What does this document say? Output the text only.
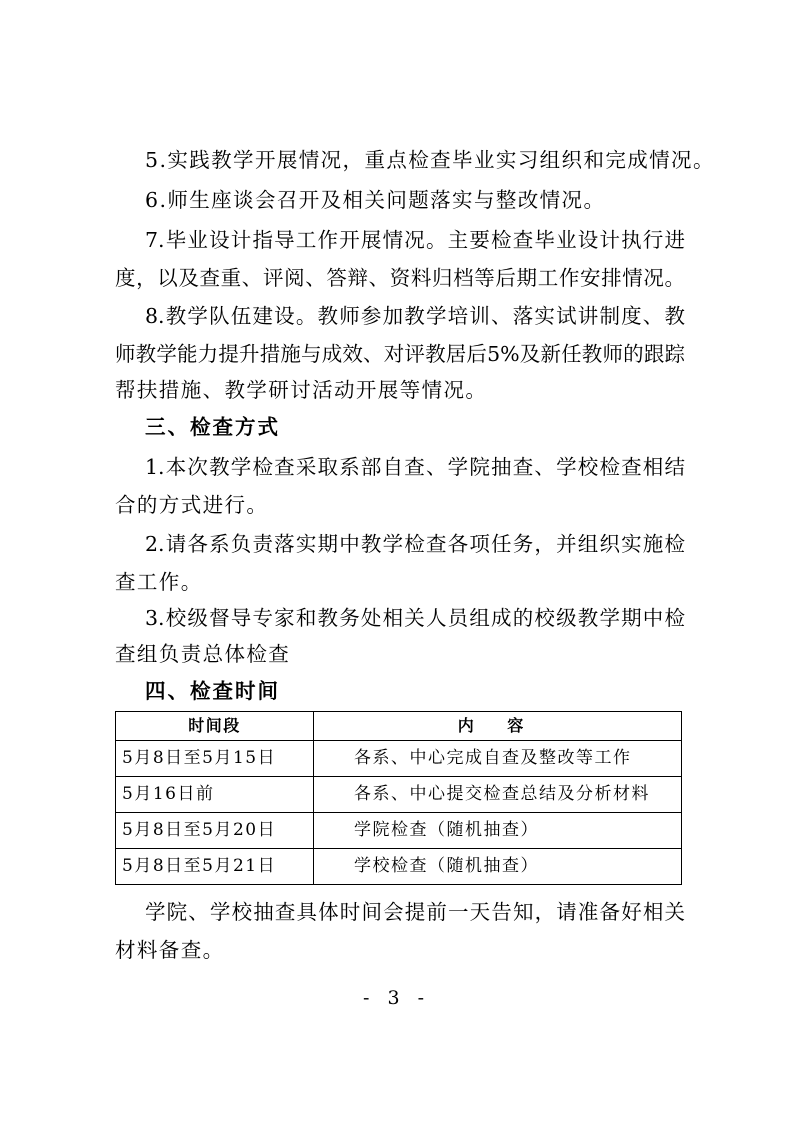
5.实践教学开展情况，重点检查毕业实习组织和完成情况。
6.师生座谈会召开及相关问题落实与整改情况。
7.毕业设计指导工作开展情况。主要检查毕业设计执行进
度，以及查重、评阅、答辩、资料归档等后期工作安排情况。
8.教学队伍建设。教师参加教学培训、落实试讲制度、教
师教学能力提升措施与成效、对评教居后5%及新任教师的跟踪
帮扶措施、教学研讨活动开展等情况。
三、检查方式
1.本次教学检查采取系部自查、学院抽查、学校检查相结
合的方式进行。
2.请各系负责落实期中教学检查各项任务，并组织实施检
查工作。
3.校级督导专家和教务处相关人员组成的校级教学期中检
查组负责总体检查
四、检查时间
时间段	内 容
5月8日至5月15日	各系、中心完成自查及整改等工作
5月16日前	各系、中心提交检查总结及分析材料
5月8日至5月20日	学院检查（随机抽查）
5月8日至5月21日	学校检查（随机抽查）
学院、学校抽查具体时间会提前一天告知，请准备好相关
材料备查。
- 3 -
